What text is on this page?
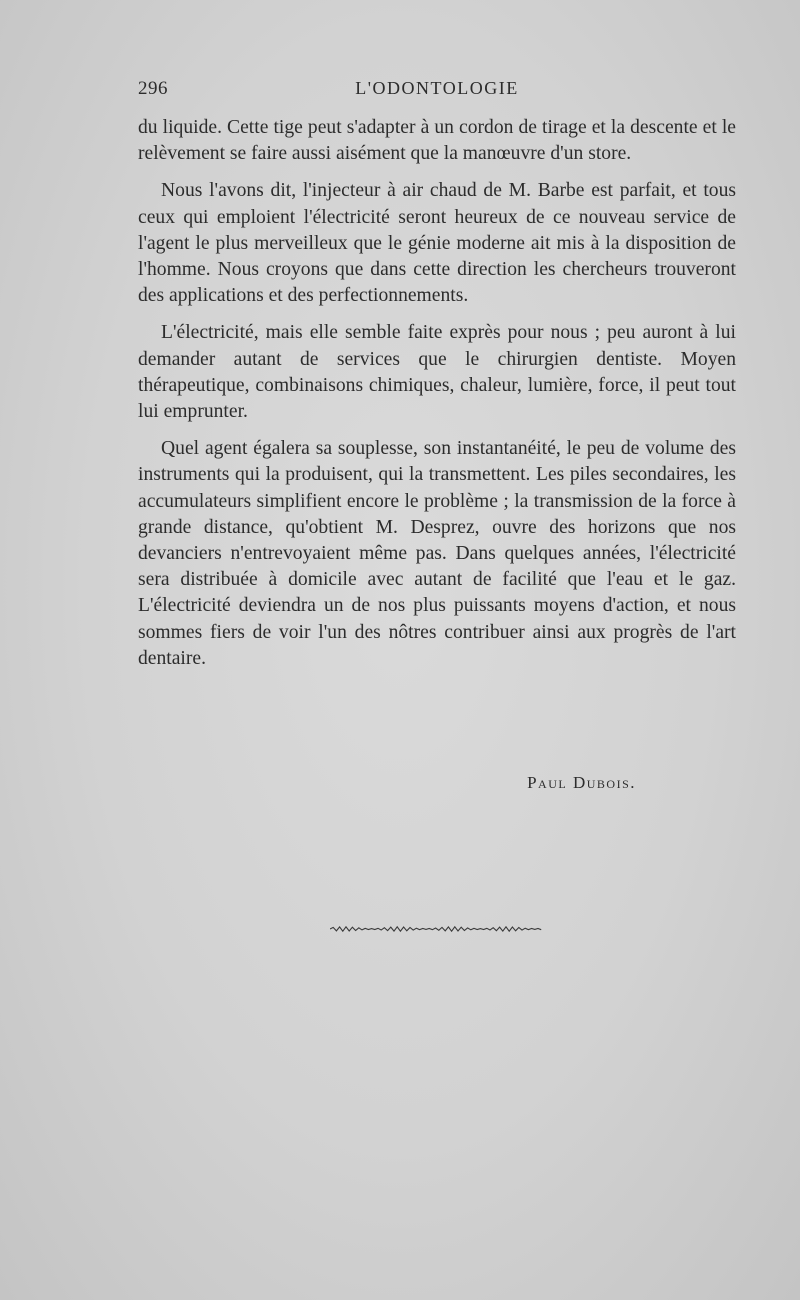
296	L'ODONTOLOGIE

du liquide. Cette tige peut s'adapter à un cordon de tirage et la descente et le relèvement se faire aussi aisément que la manœuvre d'un store.

Nous l'avons dit, l'injecteur à air chaud de M. Barbe est parfait, et tous ceux qui emploient l'électricité seront heureux de ce nouveau service de l'agent le plus merveilleux que le génie moderne ait mis à la disposition de l'homme. Nous croyons que dans cette direction les chercheurs trouveront des applications et des perfectionnements.

L'électricité, mais elle semble faite exprès pour nous ; peu auront à lui demander autant de services que le chirurgien dentiste. Moyen thérapeutique, combinaisons chimiques, chaleur, lumière, force, il peut tout lui emprunter.

Quel agent égalera sa souplesse, son instantanéité, le peu de volume des instruments qui la produisent, qui la transmettent. Les piles secondaires, les accumulateurs simplifient encore le problème ; la transmission de la force à grande distance, qu'obtient M. Desprez, ouvre des horizons que nos devanciers n'entrevoyaient même pas. Dans quelques années, l'électricité sera distribuée à domicile avec autant de facilité que l'eau et le gaz. L'électricité deviendra un de nos plus puissants moyens d'action, et nous sommes fiers de voir l'un des nôtres contribuer ainsi aux progrès de l'art dentaire.

Paul Dubois.
